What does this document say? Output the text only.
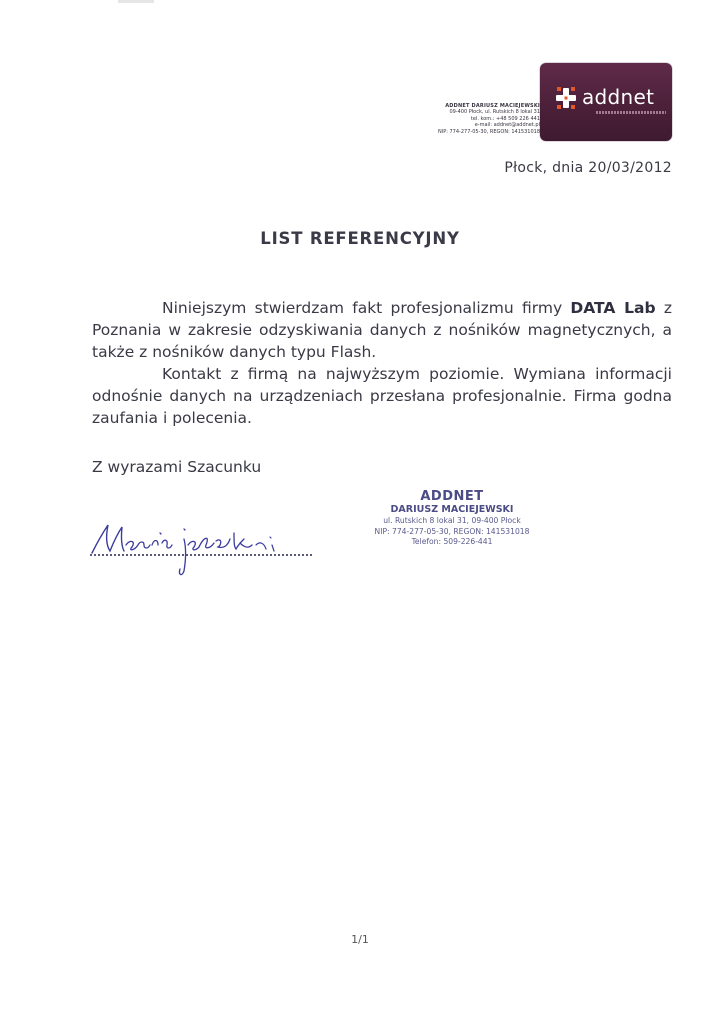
ADDNET DARIUSZ MACIEJEWSKI
09-400 Płock, ul. Rutskich 8 lokal 31
tel. kom.: +48 509 226 441
e-mail: addnet@addnet.pl
NIP: 774-277-05-30, REGON: 141531018
addnet
Płock, dnia 20/03/2012
LIST REFERENCYJNY

Niniejszym stwierdzam fakt profesjonalizmu firmy DATA Lab z Poznania w zakresie odzyskiwania danych z nośników magnetycznych, a także z nośników danych typu Flash.

Kontakt z firmą na najwyższym poziomie. Wymiana informacji odnośnie danych na urządzeniach przesłana profesjonalnie. Firma godna zaufania i polecenia.

Z wyrazami Szacunku
ADDNET
DARIUSZ MACIEJEWSKI
ul. Rutskich 8 lokal 31, 09-400 Płock
NIP: 774-277-05-30, REGON: 141531018
Telefon: 509-226-441
1/1
